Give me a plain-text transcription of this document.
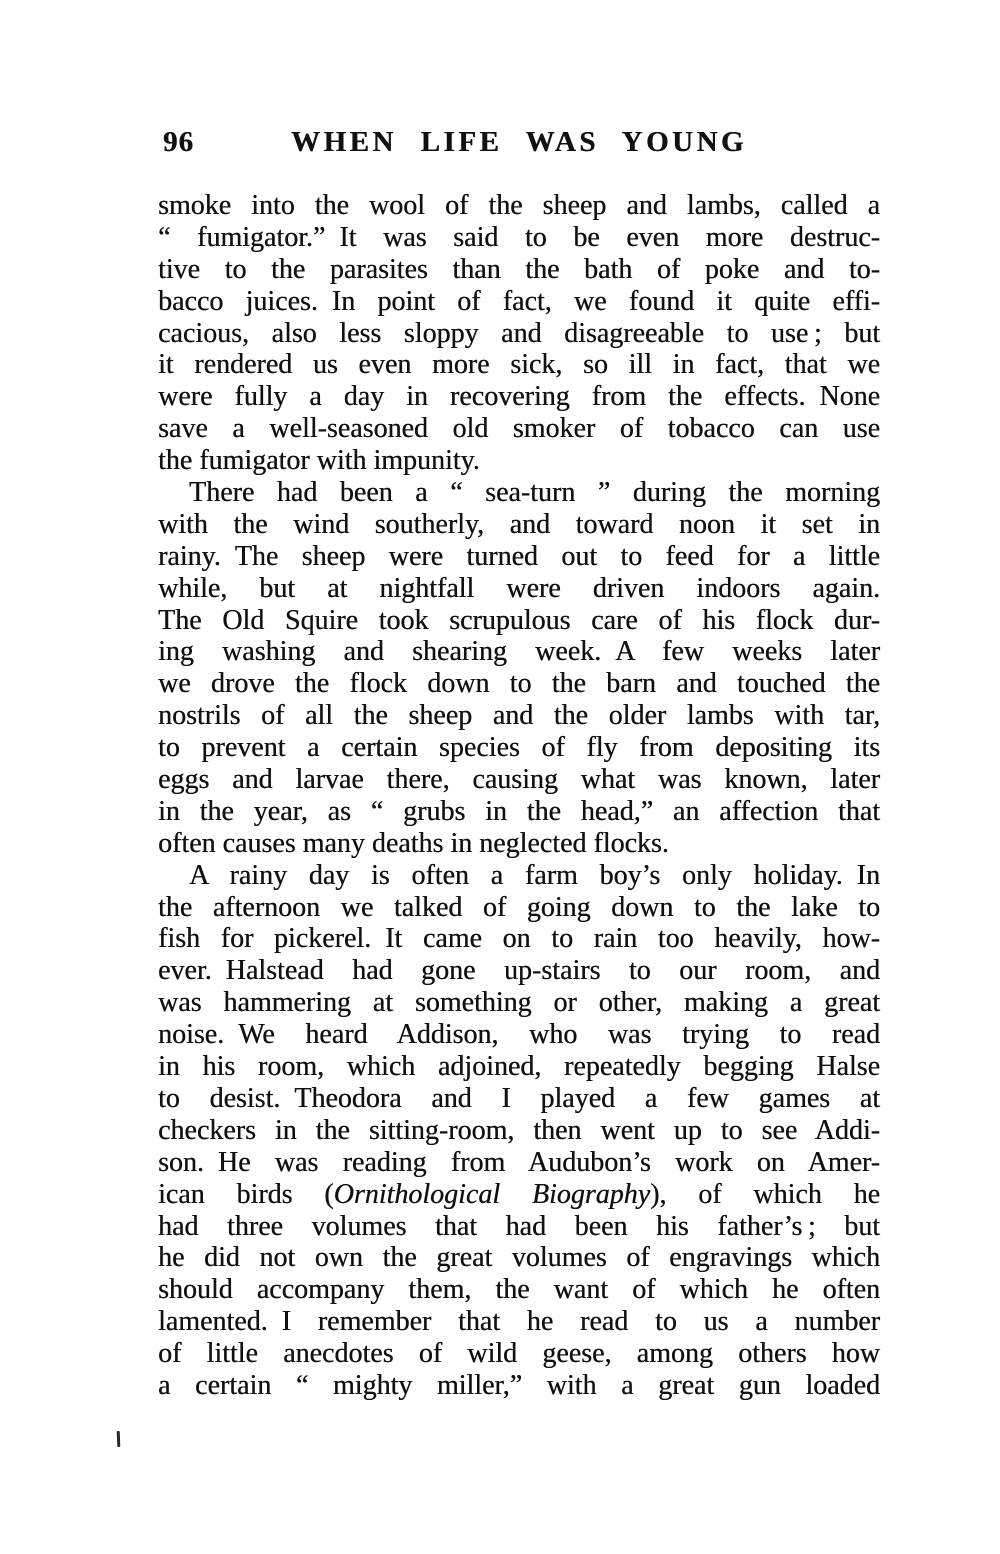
96	WHEN LIFE WAS YOUNG
smoke into the wool of the sheep and lambs, called a
“ fumigator.” It was said to be even more destruc-
tive to the parasites than the bath of poke and to-
bacco juices. In point of fact, we found it quite effi-
cacious, also less sloppy and disagreeable to use ; but
it rendered us even more sick, so ill in fact, that we
were fully a day in recovering from the effects. None
save a well-seasoned old smoker of tobacco can use
the fumigator with impunity.
There had been a “ sea-turn ” during the morning
with the wind southerly, and toward noon it set in
rainy. The sheep were turned out to feed for a little
while, but at nightfall were driven indoors again.
The Old Squire took scrupulous care of his flock dur-
ing washing and shearing week. A few weeks later
we drove the flock down to the barn and touched the
nostrils of all the sheep and the older lambs with tar,
to prevent a certain species of fly from depositing its
eggs and larvae there, causing what was known, later
in the year, as “ grubs in the head,” an affection that
often causes many deaths in neglected flocks.
A rainy day is often a farm boy’s only holiday. In
the afternoon we talked of going down to the lake to
fish for pickerel. It came on to rain too heavily, how-
ever. Halstead had gone up-stairs to our room, and
was hammering at something or other, making a great
noise. We heard Addison, who was trying to read
in his room, which adjoined, repeatedly begging Halse
to desist. Theodora and I played a few games at
checkers in the sitting-room, then went up to see Addi-
son. He was reading from Audubon’s work on Amer-
ican birds (Ornithological Biography), of which he
had three volumes that had been his father’s ; but
he did not own the great volumes of engravings which
should accompany them, the want of which he often
lamented. I remember that he read to us a number
of little anecdotes of wild geese, among others how
a certain “ mighty miller,” with a great gun loaded
